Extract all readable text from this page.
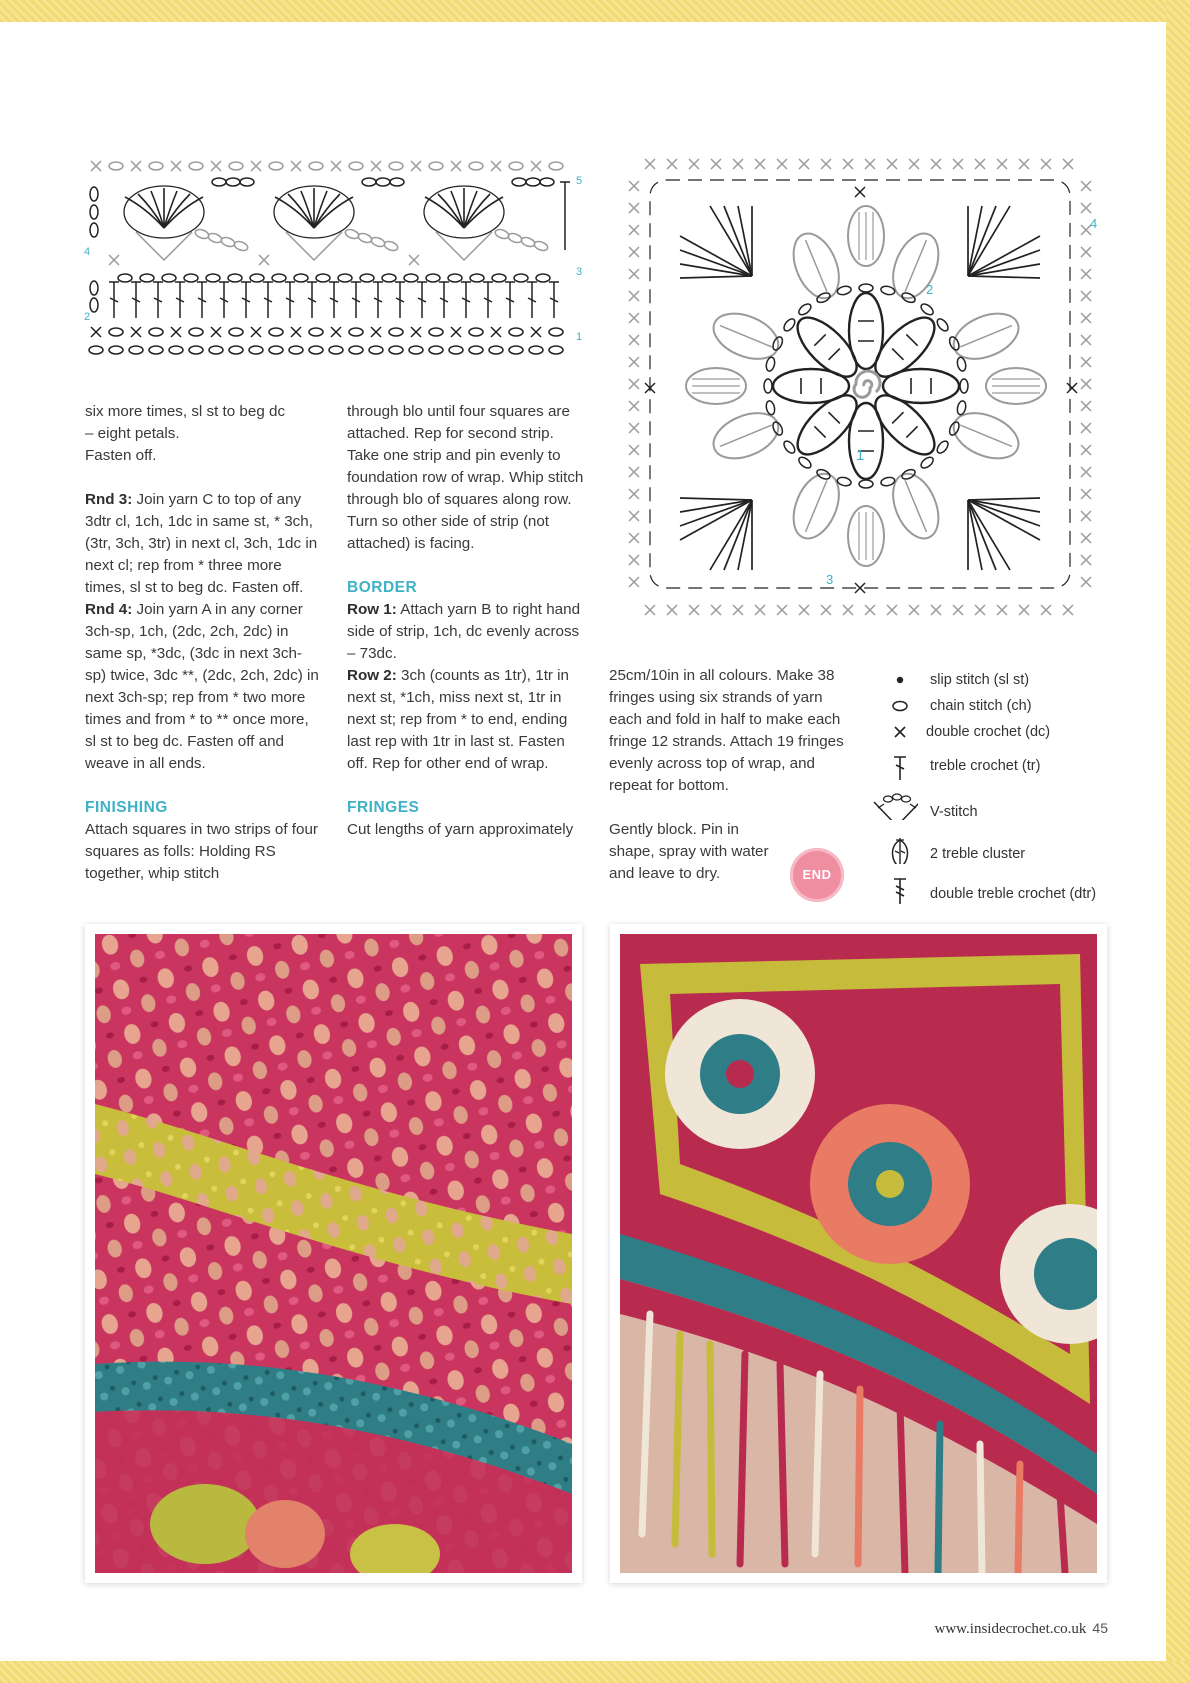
5
4
3
2
1
4
2
1
3

six more times, sl st to beg dc

– eight petals.

Fasten off.

Rnd 3: Join yarn C to top of any 3dtr cl, 1ch, 1dc in same st, * 3ch, (3tr, 3ch, 3tr) in next cl, 3ch, 1dc in next cl; rep from * three more times, sl st to beg dc. Fasten off.

Rnd 4: Join yarn A in any corner 3ch-sp, 1ch, (2dc, 2ch, 2dc) in same sp, *3dc, (3dc in next 3ch-sp) twice, 3dc **, (2dc, 2ch, 2dc) in next 3ch-sp; rep from * two more times and from * to ** once more, sl st to beg dc. Fasten off and weave in all ends.

FINISHING

Attach squares in two strips of four squares as folls: Holding RS together, whip stitch

through blo until four squares are attached. Rep for second strip. Take one strip and pin evenly to foundation row of wrap. Whip stitch through blo of squares along row. Turn so other side of strip (not attached) is facing.

BORDER

Row 1: Attach yarn B to right hand side of strip, 1ch, dc evenly across – 73dc.

Row 2: 3ch (counts as 1tr), 1tr in next st, *1ch, miss next st, 1tr in next st; rep from * to end, ending last rep with 1tr in last st. Fasten off. Rep for other end of wrap.

FRINGES

Cut lengths of yarn approximately

25cm/10in in all colours. Make 38 fringes using six strands of yarn each and fold in half to make each fringe 12 strands. Attach 19 fringes evenly across top of wrap, and repeat for bottom.

Gently block. Pin in shape, spray with water and leave to dry.	END
slip stitch (sl st)
chain stitch (ch)
double crochet (dc)
treble crochet (tr)
V-stitch
2 treble cluster
double treble crochet (dtr)
www.insidecrochet.co.uk 45
